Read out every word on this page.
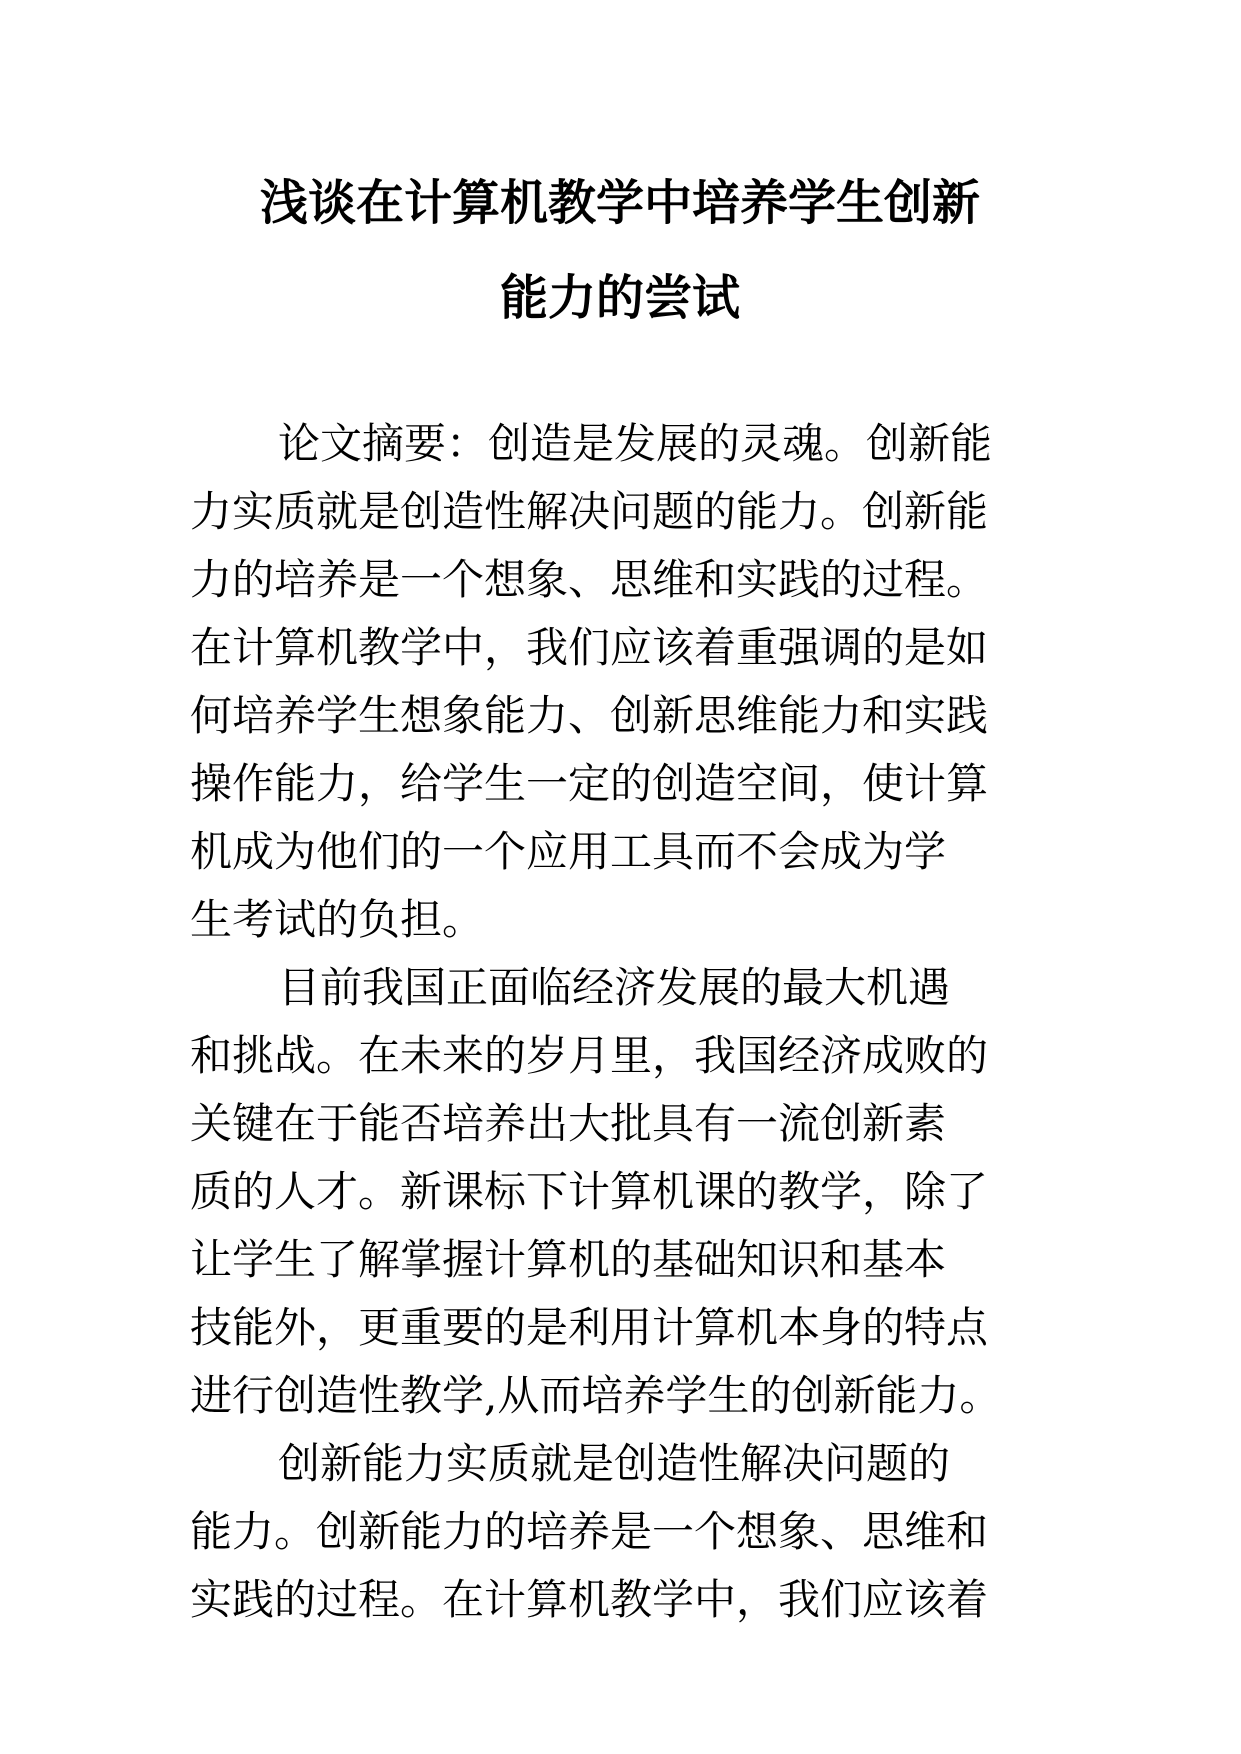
浅谈在计算机教学中培养学生创新
能力的尝试
论文摘要：创造是发展的灵魂。创新能
力实质就是创造性解决问题的能力。创新能
力的培养是一个想象、思维和实践的过程。
在计算机教学中，我们应该着重强调的是如
何培养学生想象能力、创新思维能力和实践
操作能力，给学生一定的创造空间，使计算
机成为他们的一个应用工具而不会成为学
生考试的负担。
目前我国正面临经济发展的最大机遇
和挑战。在未来的岁月里，我国经济成败的
关键在于能否培养出大批具有一流创新素
质的人才。新课标下计算机课的教学，除了
让学生了解掌握计算机的基础知识和基本
技能外，更重要的是利用计算机本身的特点
进行创造性教学,从而培养学生的创新能力。
创新能力实质就是创造性解决问题的
能力。创新能力的培养是一个想象、思维和
实践的过程。在计算机教学中，我们应该着
